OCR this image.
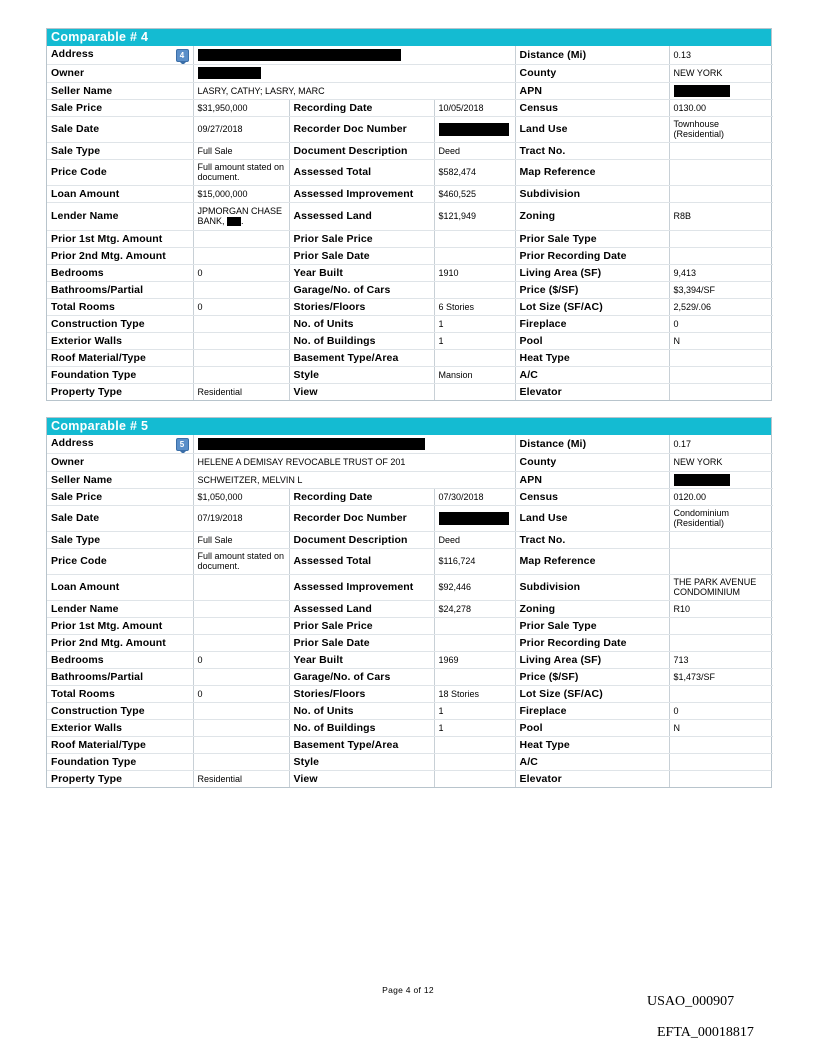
Comparable # 4
Address 4				Distance (Mi)	0.13
Owner				County	NEW YORK
Seller Name	LASRY, CATHY; LASRY, MARC			APN	
Sale Price	$31,950,000	Recording Date	10/05/2018	Census	0130.00
Sale Date	09/27/2018	Recorder Doc Number		Land Use	Townhouse (Residential)
Sale Type	Full Sale	Document Description	Deed	Tract No.	
Price Code	Full amount stated on document.	Assessed Total	$582,474	Map Reference	
Loan Amount	$15,000,000	Assessed Improvement	$460,525	Subdivision	
Lender Name	JPMORGAN CHASE BANK, .	Assessed Land	$121,949	Zoning	R8B
Prior 1st Mtg. Amount		Prior Sale Price		Prior Sale Type	
Prior 2nd Mtg. Amount		Prior Sale Date		Prior Recording Date	
Bedrooms	0	Year Built	1910	Living Area (SF)	9,413
Bathrooms/Partial		Garage/No. of Cars		Price ($/SF)	$3,394/SF
Total Rooms	0	Stories/Floors	6 Stories	Lot Size (SF/AC)	2,529/.06
Construction Type		No. of Units	1	Fireplace	0
Exterior Walls		No. of Buildings	1	Pool	N
Roof Material/Type		Basement Type/Area		Heat Type	
Foundation Type		Style	Mansion	A/C	
Property Type	Residential	View		Elevator	
Comparable # 5
Address 5				Distance (Mi)	0.17
Owner	HELENE A DEMISAY REVOCABLE TRUST OF 201			County	NEW YORK
Seller Name	SCHWEITZER, MELVIN L			APN	
Sale Price	$1,050,000	Recording Date	07/30/2018	Census	0120.00
Sale Date	07/19/2018	Recorder Doc Number		Land Use	Condominium (Residential)
Sale Type	Full Sale	Document Description	Deed	Tract No.	
Price Code	Full amount stated on document.	Assessed Total	$116,724	Map Reference	
Loan Amount		Assessed Improvement	$92,446	Subdivision	THE PARK AVENUE CONDOMINIUM
Lender Name		Assessed Land	$24,278	Zoning	R10
Prior 1st Mtg. Amount		Prior Sale Price		Prior Sale Type	
Prior 2nd Mtg. Amount		Prior Sale Date		Prior Recording Date	
Bedrooms	0	Year Built	1969	Living Area (SF)	713
Bathrooms/Partial		Garage/No. of Cars		Price ($/SF)	$1,473/SF
Total Rooms	0	Stories/Floors	18 Stories	Lot Size (SF/AC)	
Construction Type		No. of Units	1	Fireplace	0
Exterior Walls		No. of Buildings	1	Pool	N
Roof Material/Type		Basement Type/Area		Heat Type	
Foundation Type		Style		A/C	
Property Type	Residential	View		Elevator	
Page 4 of 12
USAO_000907
EFTA_00018817
